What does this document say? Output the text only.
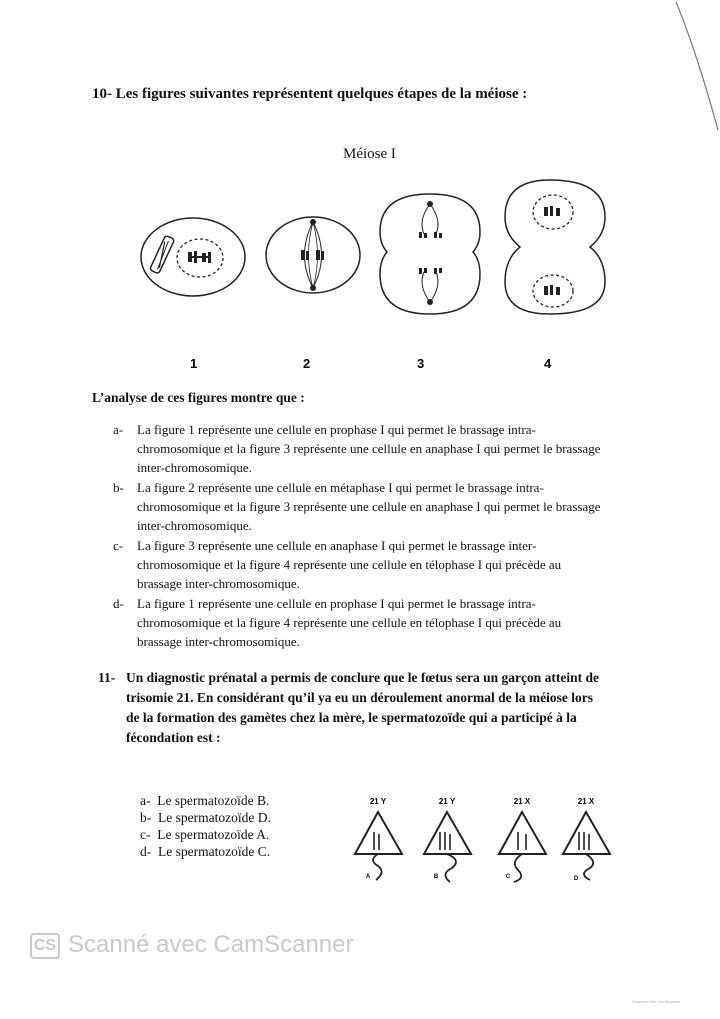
10- Les figures suivantes représentent quelques étapes de la méiose :
Méiose I
1	2	3	4
L’analyse de ces figures montre que :
a- La figure 1 représente une cellule en prophase I qui permet le brassage intra-chromosomique et la figure 3 représente une cellule en anaphase I qui permet le brassage inter-chromosomique.
b- La figure 2 représente une cellule en métaphase I qui permet le brassage intra-chromosomique et la figure 3 représente une cellule en anaphase I qui permet le brassage inter-chromosomique.
c- La figure 3 représente une cellule en anaphase I qui permet le brassage inter-chromosomique et la figure 4 représente une cellule en télophase I qui précède au brassage inter-chromosomique.
d- La figure 1 représente une cellule en prophase I qui permet le brassage intra-chromosomique et la figure 4 représente une cellule en télophase I qui précède au brassage inter-chromosomique.
11- Un diagnostic prénatal a permis de conclure que le fœtus sera un garçon atteint de trisomie 21. En considérant qu’il ya eu un déroulement anormal de la méiose lors de la formation des gamètes chez la mère, le spermatozoïde qui a participé à la fécondation est :
a- Le spermatozoïde B.
b- Le spermatozoïde D.
c- Le spermatozoïde A.
d- Le spermatozoïde C.
21 Y
A
21 Y
B
21 X
C
21 X
D
CS Scanné avec CamScanner
Scanned with CamScanner
